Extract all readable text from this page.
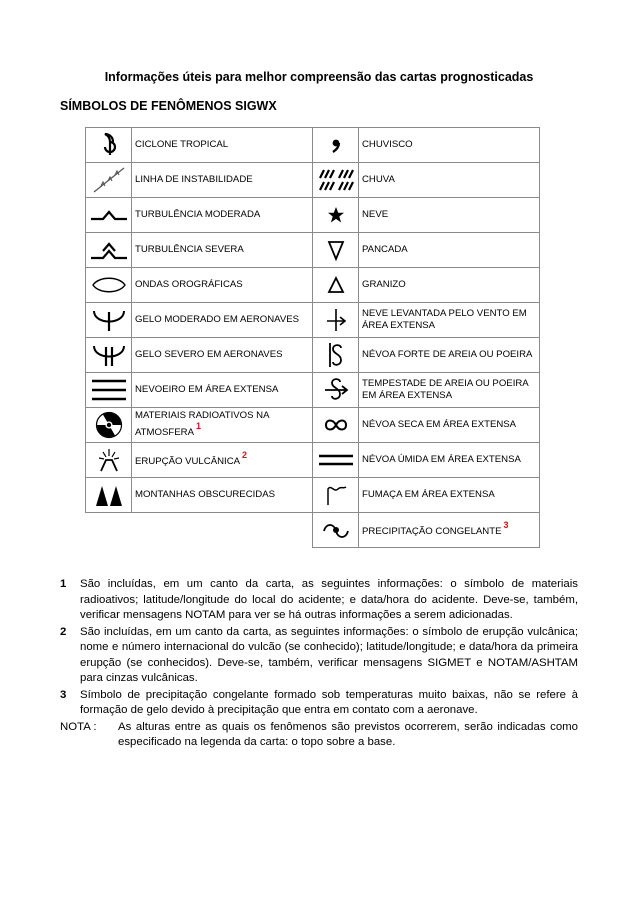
Informações úteis para melhor compreensão das cartas prognosticadas
SÍMBOLOS DE FENÔMENOS SIGWX
	CICLONE TROPICAL		CHUVISCO

	LINHA DE INSTABILIDADE		CHUVA

	TURBULÊNCIA MODERADA		NEVE

	TURBULÊNCIA SEVERA		PANCADA

	ONDAS OROGRÁFICAS		GRANIZO

	GELO MODERADO EM AERONAVES		NEVE LEVANTADA PELO VENTO EM ÁREA EXTENSA

	GELO SEVERO EM AERONAVES		NÉVOA FORTE DE AREIA OU POEIRA

	NEVOEIRO EM ÁREA EXTENSA		TEMPESTADE DE AREIA OU POEIRA EM ÁREA EXTENSA

	MATERIAIS RADIOATIVOS NA ATMOSFERA$^1$		NÉVOA SECA EM ÁREA EXTENSA

	ERUPÇÃO VULCÂNICA$^2$		NÉVOA ÚMIDA EM ÁREA EXTENSA

	MONTANHAS OBSCURECIDAS		FUMAÇA EM ÁREA EXTENSA

	PRECIPITAÇÃO CONGELANTE$^3$
1 São incluídas, em um canto da carta, as seguintes informações: o símbolo de materiais radioativos; latitude/longitude do local do acidente; e data/hora do acidente. Deve-se, também, verificar mensagens NOTAM para ver se há outras informações a serem adicionadas.
2 São incluídas, em um canto da carta, as seguintes informações: o símbolo de erupção vulcânica; nome e número internacional do vulcão (se conhecido); latitude/longitude; e data/hora da primeira erupção (se conhecidos). Deve-se, também, verificar mensagens SIGMET e NOTAM/ASHTAM para cinzas vulcânicas.
3 Símbolo de precipitação congelante formado sob temperaturas muito baixas, não se refere à formação de gelo devido à precipitação que entra em contato com a aeronave.
NOTA : As alturas entre as quais os fenômenos são previstos ocorrerem, serão indicadas como especificado na legenda da carta: o topo sobre a base.
